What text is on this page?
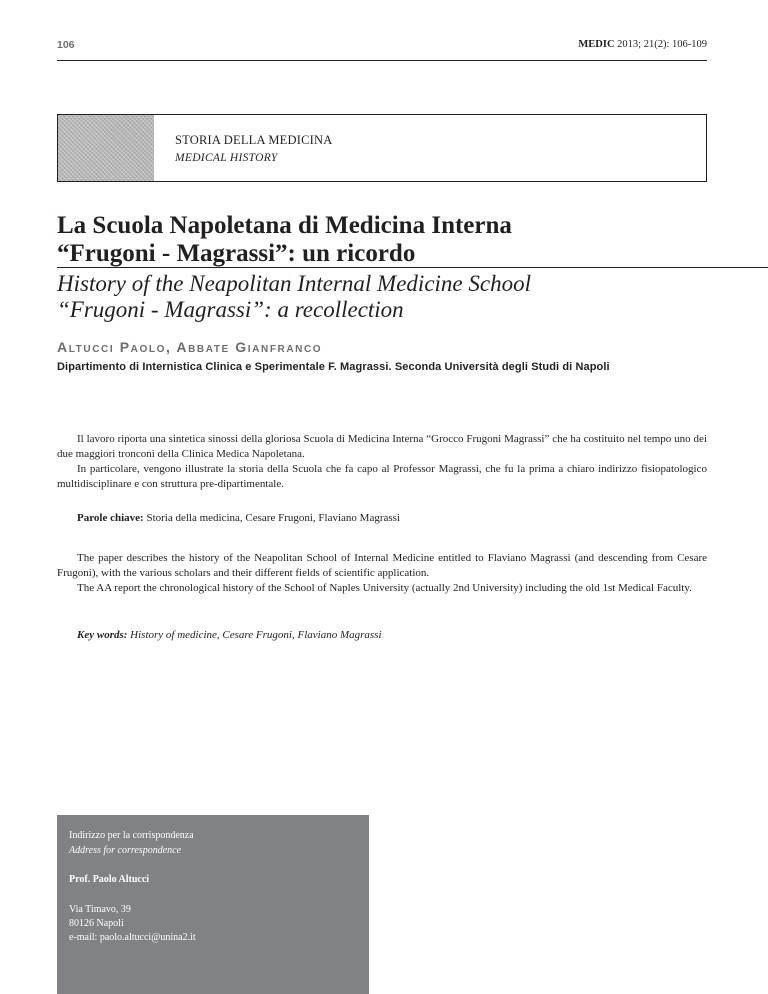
106	MEDIC 2013; 21(2): 106-109
STORIA DELLA MEDICINA
MEDICAL HISTORY
La Scuola Napoletana di Medicina Interna
“Frugoni - Magrassi”: un ricordo
History of the Neapolitan Internal Medicine School
“Frugoni - Magrassi”: a recollection
Altucci Paolo, Abbate Gianfranco
Dipartimento di Internistica Clinica e Sperimentale F. Magrassi. Seconda Università degli Studi di Napoli

Il lavoro riporta una sintetica sinossi della gloriosa Scuola di Medicina Interna “Grocco Frugoni Magrassi” che ha costituito nel tempo uno dei due maggiori tronconi della Clinica Medica Napoletana.

In particolare, vengono illustrate la storia della Scuola che fa capo al Professor Magrassi, che fu la prima a chiaro indirizzo fisiopatologico multidisciplinare e con struttura pre-dipartimentale.

Parole chiave: Storia della medicina, Cesare Frugoni, Flaviano Magrassi

The paper describes the history of the Neapolitan School of Internal Medicine entitled to Flaviano Magrassi (and descending from Cesare Frugoni), with the various scholars and their different fields of scientific application.

The AA report the chronological history of the School of Naples University (actually 2nd University) including the old 1st Medical Faculty.

Key words: History of medicine, Cesare Frugoni, Flaviano Magrassi
Indirizzo per la corrispondenza
Address for correspondence
Prof. Paolo Altucci
Via Timavo, 39
80126 Napoli
e-mail: paolo.altucci@unina2.it
